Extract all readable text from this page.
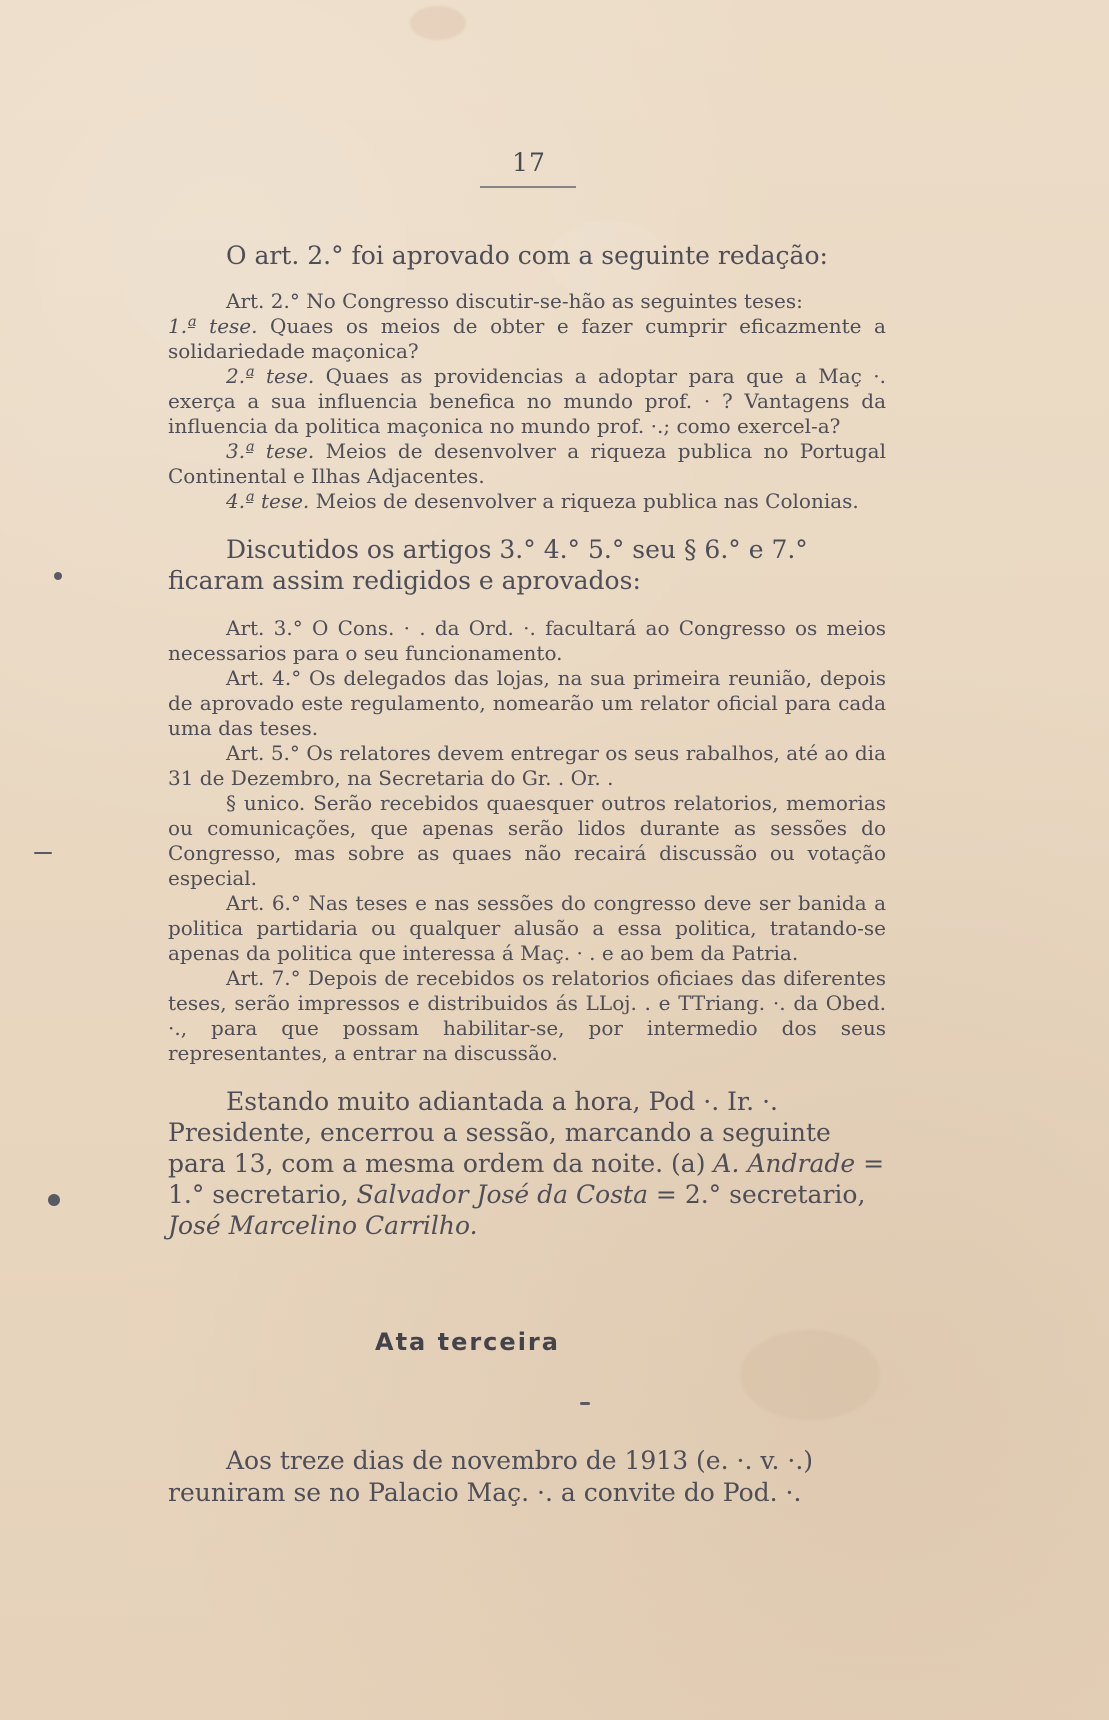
17

O art. 2.° foi aprovado com a seguinte redação:

Art. 2.° No Congresso discutir-se-hão as seguintes teses:

1.ª tese. Quaes os meios de obter e fazer cumprir eficazmente a solidariedade maçonica?

2.ª tese. Quaes as providencias a adoptar para que a Maç ·. exerça a sua influencia benefica no mundo prof. · ? Vantagens da influencia da politica maçonica no mundo prof. ·.; como exercel-a?

3.ª tese. Meios de desenvolver a riqueza publica no Portugal Continental e Ilhas Adjacentes.

4.ª tese. Meios de desenvolver a riqueza publica nas Colonias.

Discutidos os artigos 3.° 4.° 5.° seu § 6.° e 7.° ficaram assim redigidos e aprovados:

Art. 3.° O Cons. · . da Ord. ·. facultará ao Congresso os meios necessarios para o seu funcionamento.

Art. 4.° Os delegados das lojas, na sua primeira reunião, depois de aprovado este regulamento, nomearão um relator oficial para cada uma das teses.

Art. 5.° Os relatores devem entregar os seus rabalhos, até ao dia 31 de Dezembro, na Secretaria do Gr. . Or. .

§ unico. Serão recebidos quaesquer outros relatorios, memorias ou comunicações, que apenas serão lidos durante as sessões do Congresso, mas sobre as quaes não recairá discussão ou votação especial.

Art. 6.° Nas teses e nas sessões do congresso deve ser banida a politica partidaria ou qualquer alusão a essa politica, tratando-se apenas da politica que interessa á Maç. · . e ao bem da Patria.

Art. 7.° Depois de recebidos os relatorios oficiaes das diferentes teses, serão impressos e distribuidos ás LLoj. . e TTriang. ·. da Obed. ·., para que possam habilitar-se, por intermedio dos seus representantes, a entrar na discussão.

Estando muito adiantada a hora, Pod ·. Ir. ·. Presidente, encerrou a sessão, marcando a seguinte para 13, com a mesma ordem da noite. (a) A. Andrade = 1.° secretario, Salvador José da Costa = 2.° secretario, José Marcelino Carrilho.

Ata terceira

Aos treze dias de novembro de 1913 (e. ·. v. ·.) reuniram se no Palacio Maç. ·. a convite do Pod. ·.
